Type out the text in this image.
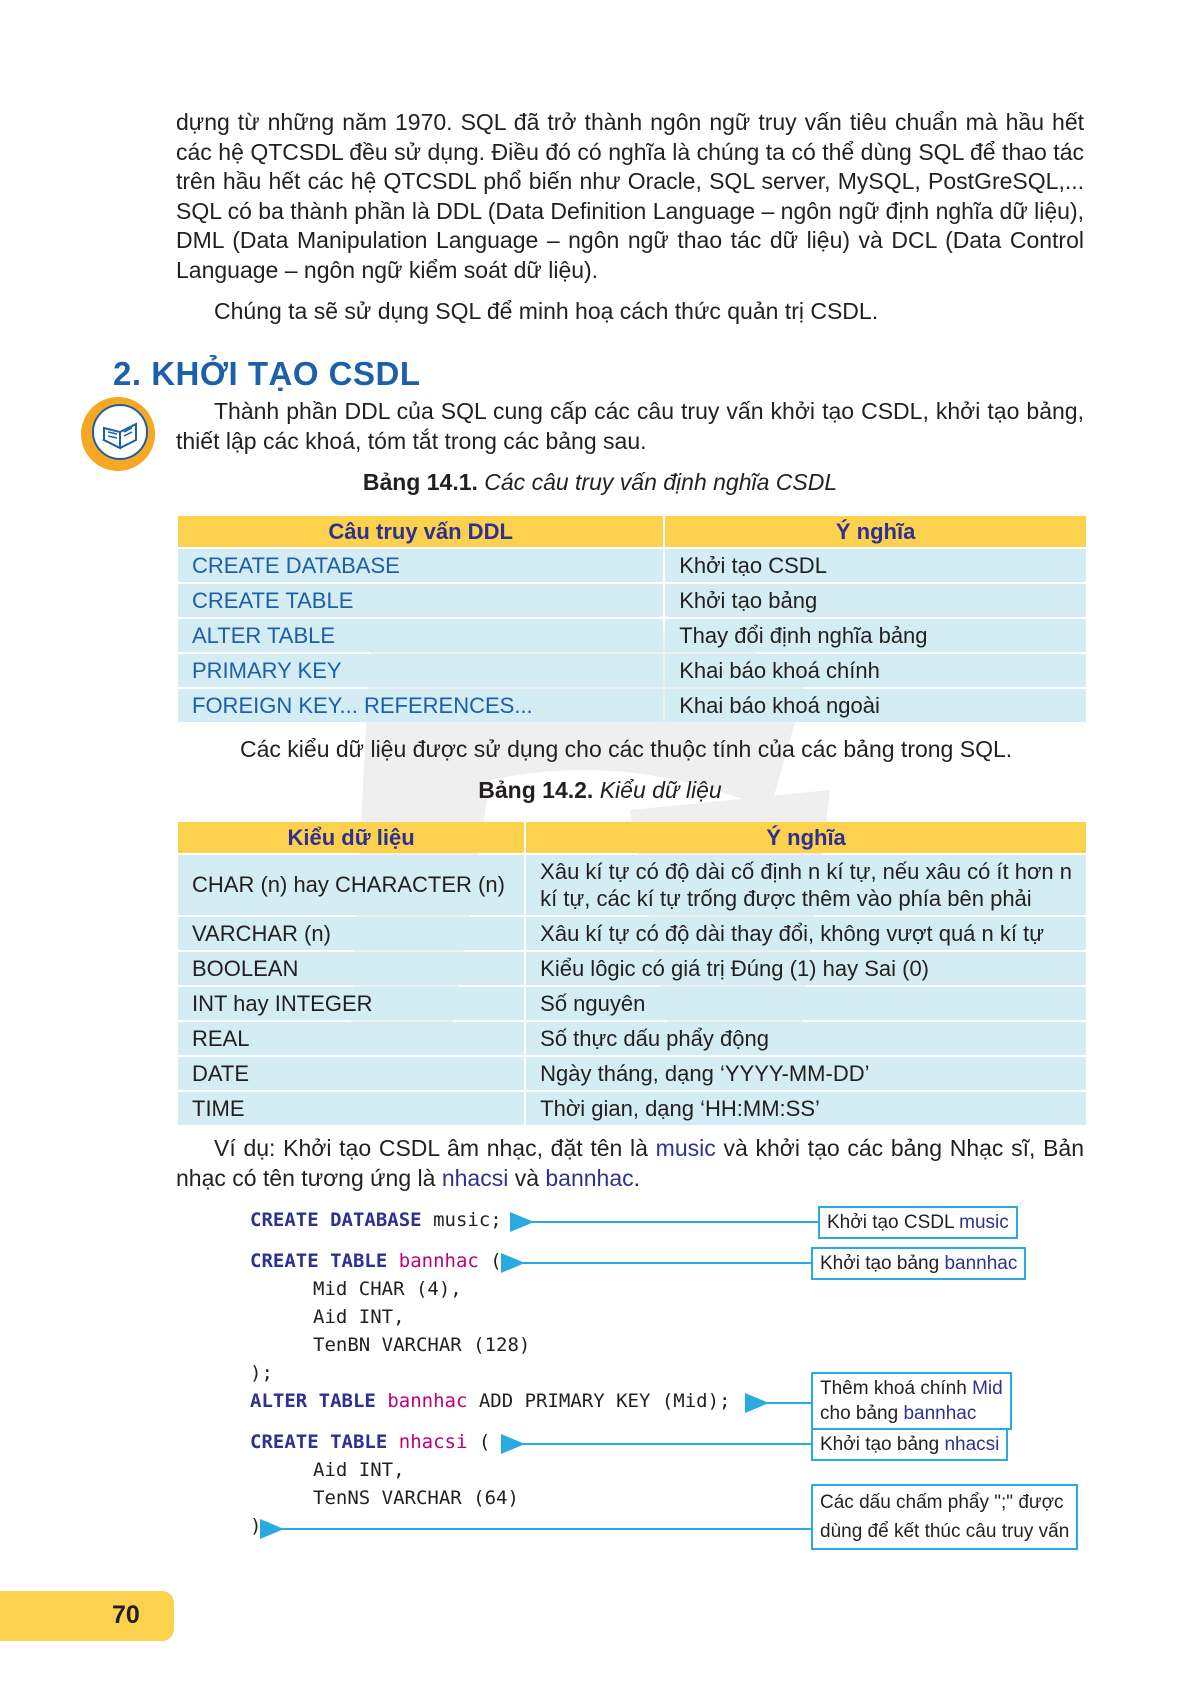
dựng từ những năm 1970. SQL đã trở thành ngôn ngữ truy vấn tiêu chuẩn mà hầu hết các hệ QTCSDL đều sử dụng. Điều đó có nghĩa là chúng ta có thể dùng SQL để thao tác trên hầu hết các hệ QTCSDL phổ biến như Oracle, SQL server, MySQL, PostGreSQL,... SQL có ba thành phần là DDL (Data Definition Language – ngôn ngữ định nghĩa dữ liệu), DML (Data Manipulation Language – ngôn ngữ thao tác dữ liệu) và DCL (Data Control Language – ngôn ngữ kiểm soát dữ liệu).

Chúng ta sẽ sử dụng SQL để minh hoạ cách thức quản trị CSDL.

2. KHỞI TẠO CSDL

Thành phần DDL của SQL cung cấp các câu truy vấn khởi tạo CSDL, khởi tạo bảng, thiết lập các khoá, tóm tắt trong các bảng sau.

Bảng 14.1. Các câu truy vấn định nghĩa CSDL

Câu truy vấn DDL	Ý nghĩa
CREATE DATABASE	Khởi tạo CSDL
CREATE TABLE	Khởi tạo bảng
ALTER TABLE	Thay đổi định nghĩa bảng
PRIMARY KEY	Khai báo khoá chính
FOREIGN KEY... REFERENCES...	Khai báo khoá ngoài

Các kiểu dữ liệu được sử dụng cho các thuộc tính của các bảng trong SQL.

Bảng 14.2. Kiểu dữ liệu

Kiểu dữ liệu	Ý nghĩa
CHAR (n) hay CHARACTER (n)	Xâu kí tự có độ dài cố định n kí tự, nếu xâu có ít hơn n kí tự, các kí tự trống được thêm vào phía bên phải
VARCHAR (n)	Xâu kí tự có độ dài thay đổi, không vượt quá n kí tự
BOOLEAN	Kiểu lôgic có giá trị Đúng (1) hay Sai (0)
INT hay INTEGER	Số nguyên
REAL	Số thực dấu phẩy động
DATE	Ngày tháng, dạng ‘YYYY-MM-DD’
TIME	Thời gian, dạng ‘HH:MM:SS’

Ví dụ: Khởi tạo CSDL âm nhạc, đặt tên là music và khởi tạo các bảng Nhạc sĩ, Bản nhạc có tên tương ứng là nhacsi và bannhac.

CREATE DATABASE music;
CREATE TABLE bannhac (
Mid CHAR (4),
Aid INT,
TenBN VARCHAR (128)
);
ALTER TABLE bannhac ADD PRIMARY KEY (Mid);
CREATE TABLE nhacsi (
Aid INT,
TenNS VARCHAR (64)
);
Khởi tạo CSDL music
Khởi tạo bảng bannhac
Thêm khoá chính Mid
cho bảng bannhac
Khởi tạo bảng nhacsi
Các dấu chấm phẩy ";" được
dùng để kết thúc câu truy vấn
70
